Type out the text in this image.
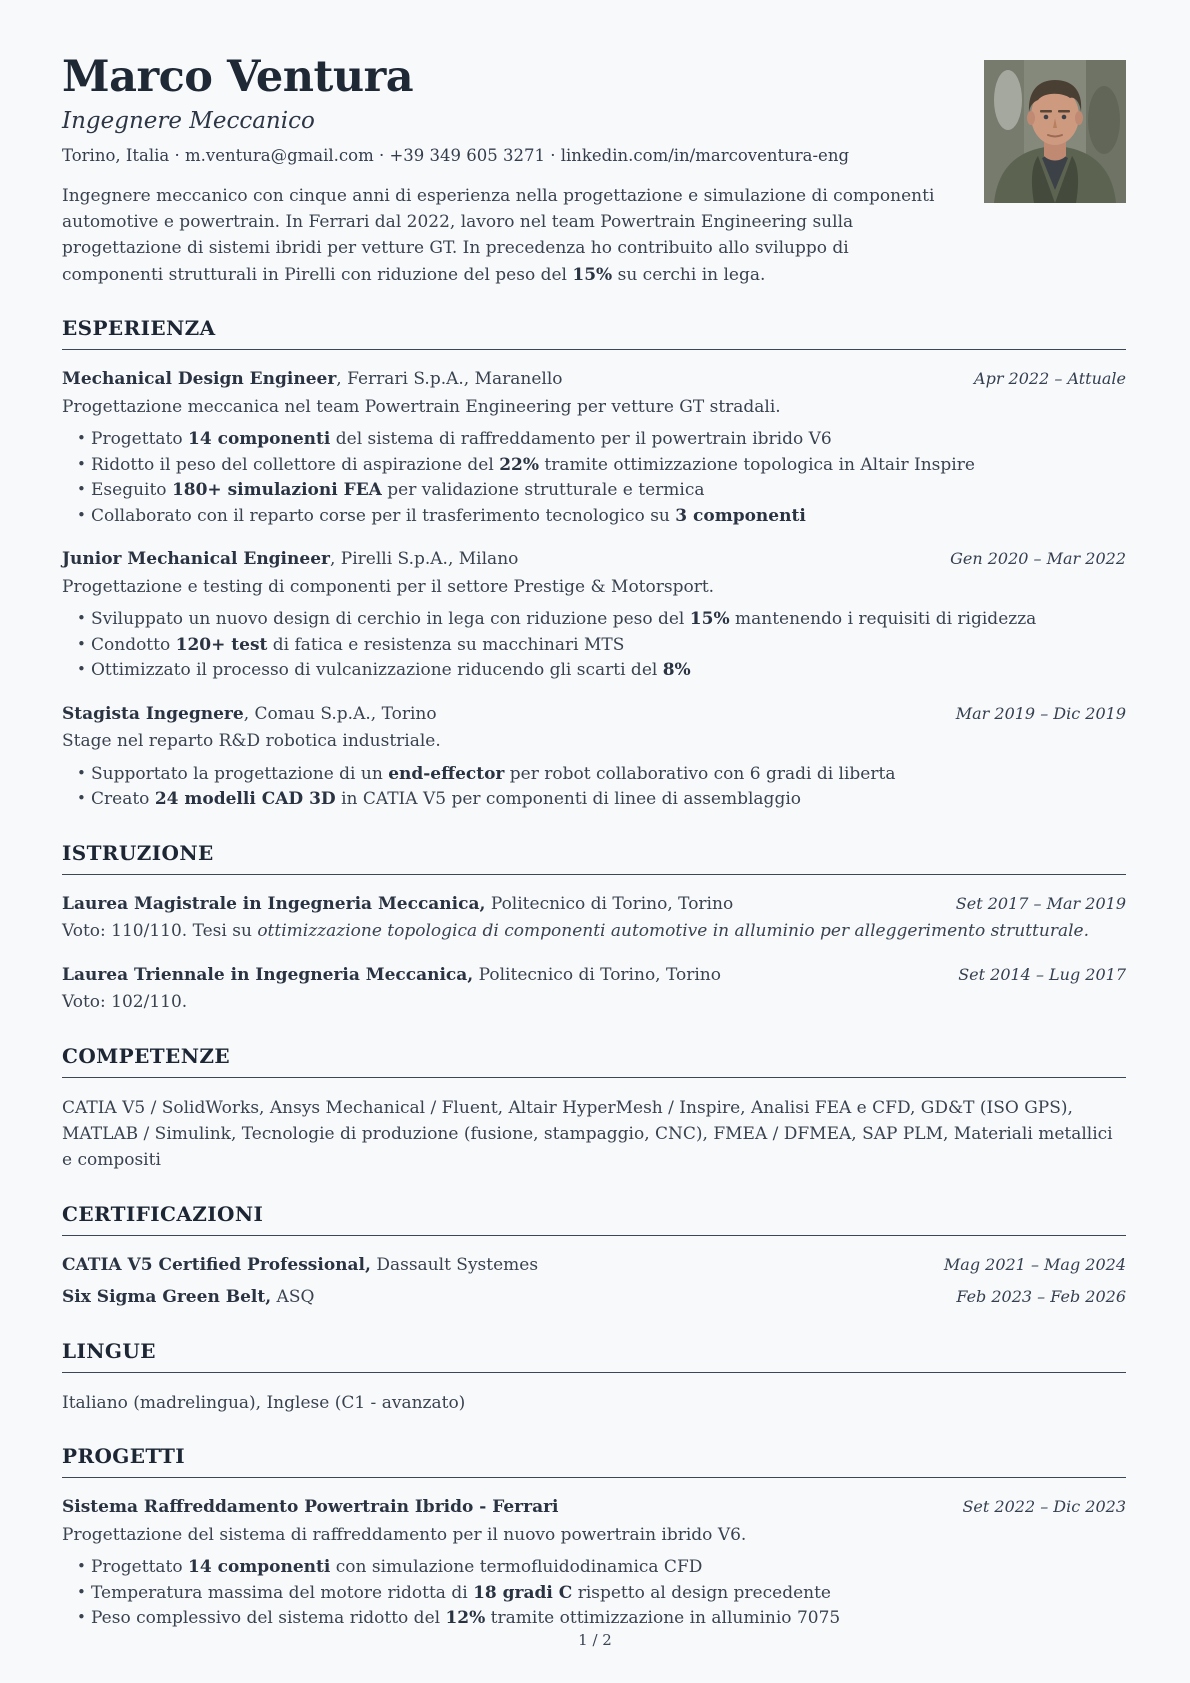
Marco Ventura
Ingegnere Meccanico
Torino, Italia · m.ventura@gmail.com · +39 349 605 3271 · linkedin.com/in/marcoventura-eng

Ingegnere meccanico con cinque anni di esperienza nella progettazione e simulazione di componenti automotive e powertrain. In Ferrari dal 2022, lavoro nel team Powertrain Engineering sulla progettazione di sistemi ibridi per vetture GT. In precedenza ho contribuito allo sviluppo di componenti strutturali in Pirelli con riduzione del peso del 15% su cerchi in lega.

ESPERIENZA
Mechanical Design Engineer, Ferrari S.p.A., Maranello	Apr 2022 – Attuale

Progettazione meccanica nel team Powertrain Engineering per vetture GT stradali.

• Progettato 14 componenti del sistema di raffreddamento per il powertrain ibrido V6
• Ridotto il peso del collettore di aspirazione del 22% tramite ottimizzazione topologica in Altair Inspire
• Eseguito 180+ simulazioni FEA per validazione strutturale e termica
• Collaborato con il reparto corse per il trasferimento tecnologico su 3 componenti
Junior Mechanical Engineer, Pirelli S.p.A., Milano	Gen 2020 – Mar 2022

Progettazione e testing di componenti per il settore Prestige & Motorsport.

• Sviluppato un nuovo design di cerchio in lega con riduzione peso del 15% mantenendo i requisiti di rigidezza
• Condotto 120+ test di fatica e resistenza su macchinari MTS
• Ottimizzato il processo di vulcanizzazione riducendo gli scarti del 8%
Stagista Ingegnere, Comau S.p.A., Torino	Mar 2019 – Dic 2019

Stage nel reparto R&D robotica industriale.

• Supportato la progettazione di un end-effector per robot collaborativo con 6 gradi di liberta
• Creato 24 modelli CAD 3D in CATIA V5 per componenti di linee di assemblaggio
ISTRUZIONE
Laurea Magistrale in Ingegneria Meccanica, Politecnico di Torino, Torino	Set 2017 – Mar 2019

Voto: 110/110. Tesi su ottimizzazione topologica di componenti automotive in alluminio per alleggerimento strutturale.

Laurea Triennale in Ingegneria Meccanica, Politecnico di Torino, Torino	Set 2014 – Lug 2017

Voto: 102/110.

COMPETENZE

CATIA V5 / SolidWorks, Ansys Mechanical / Fluent, Altair HyperMesh / Inspire, Analisi FEA e CFD, GD&T (ISO GPS), MATLAB / Simulink, Tecnologie di produzione (fusione, stampaggio, CNC), FMEA / DFMEA, SAP PLM, Materiali metallici e compositi

CERTIFICAZIONI
CATIA V5 Certified Professional, Dassault Systemes	Mag 2021 – Mag 2024
Six Sigma Green Belt, ASQ	Feb 2023 – Feb 2026
LINGUE

Italiano (madrelingua), Inglese (C1 - avanzato)

PROGETTI
Sistema Raffreddamento Powertrain Ibrido - Ferrari	Set 2022 – Dic 2023

Progettazione del sistema di raffreddamento per il nuovo powertrain ibrido V6.

• Progettato 14 componenti con simulazione termofluidodinamica CFD
• Temperatura massima del motore ridotta di 18 gradi C rispetto al design precedente
• Peso complessivo del sistema ridotto del 12% tramite ottimizzazione in alluminio 7075
1 / 2
